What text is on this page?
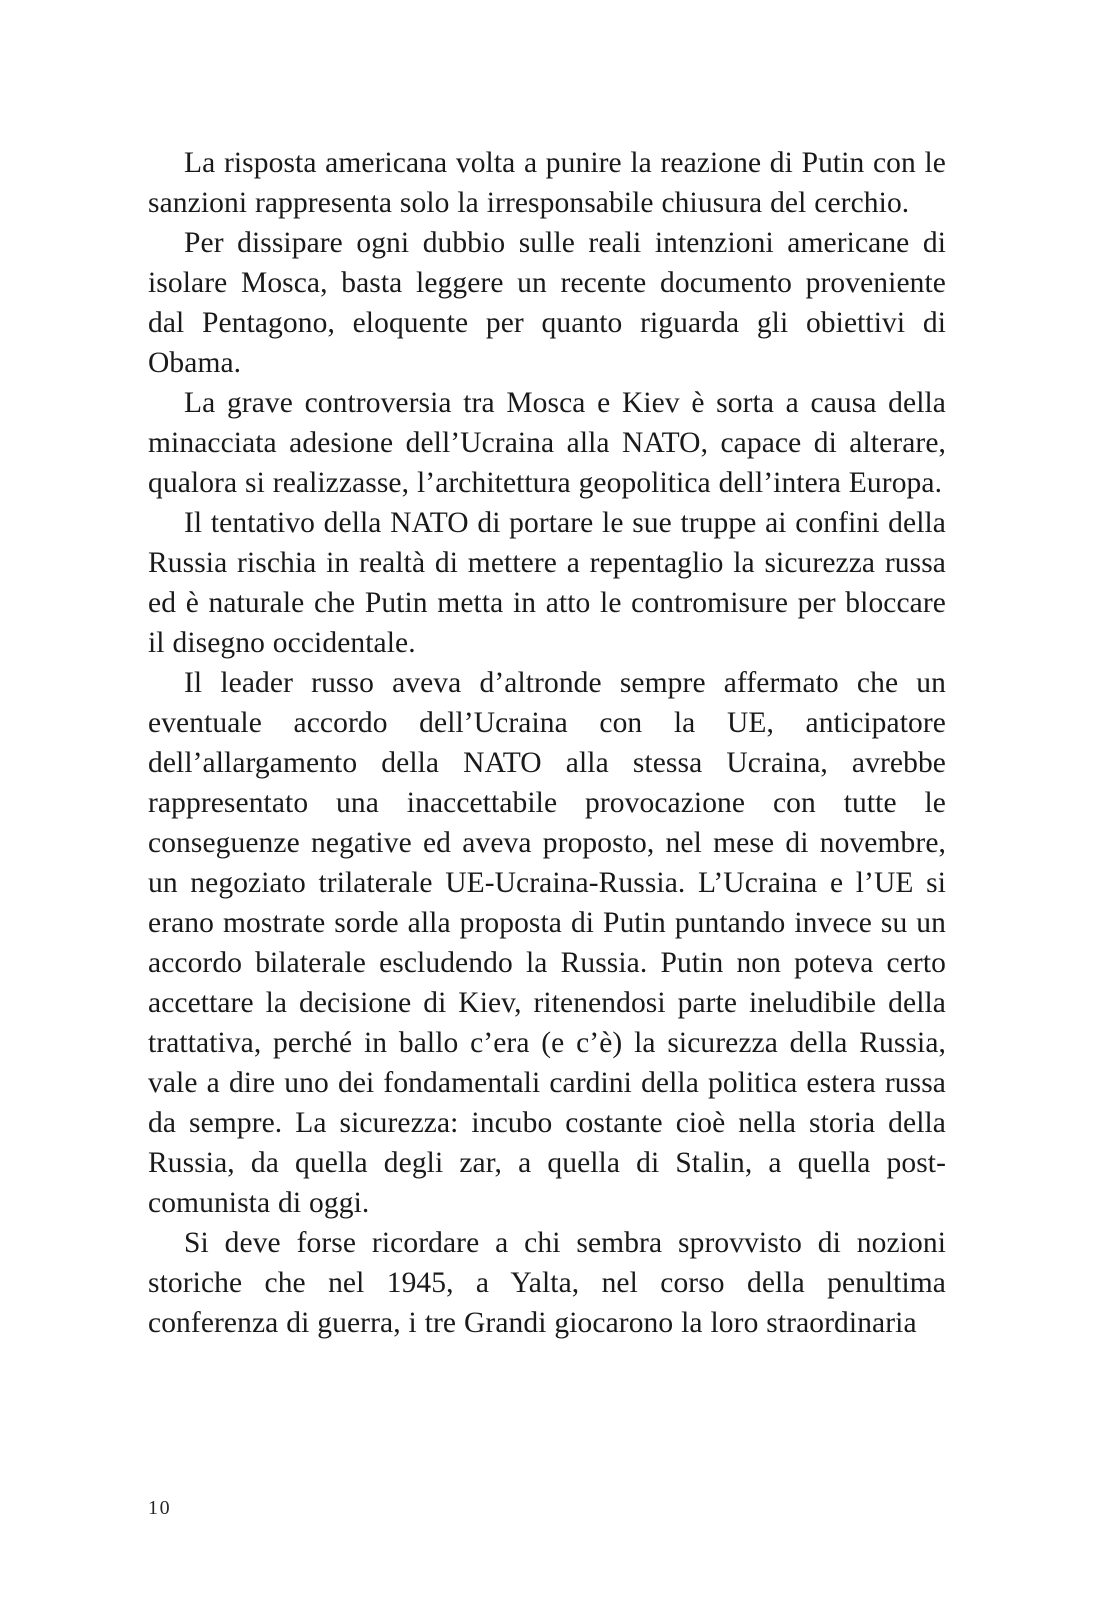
La risposta americana volta a punire la reazione di Putin con le sanzioni rappresenta solo la irresponsabile chiusura del cerchio.

Per dissipare ogni dubbio sulle reali intenzioni americane di isolare Mosca, basta leggere un recente documento proveniente dal Pentagono, eloquente per quanto riguarda gli obiettivi di Obama.

La grave controversia tra Mosca e Kiev è sorta a causa della minacciata adesione dell’Ucraina alla NATO, capace di alterare, qualora si realizzasse, l’architettura geopolitica dell’intera Europa.

Il tentativo della NATO di portare le sue truppe ai confini della Russia rischia in realtà di mettere a repentaglio la sicurezza russa ed è naturale che Putin metta in atto le contromisure per bloccare il disegno occidentale.

Il leader russo aveva d’altronde sempre affermato che un eventuale accordo dell’Ucraina con la UE, anticipatore dell’allargamento della NATO alla stessa Ucraina, avrebbe rappresentato una inaccettabile provocazione con tutte le conseguenze negative ed aveva proposto, nel mese di novembre, un negoziato trilaterale UE-Ucraina-Russia. L’Ucraina e l’UE si erano mostrate sorde alla proposta di Putin puntando invece su un accordo bilaterale escludendo la Russia. Putin non poteva certo accettare la decisione di Kiev, ritenendosi parte ineludibile della trattativa, perché in ballo c’era (e c’è) la sicurezza della Russia, vale a dire uno dei fondamentali cardini della politica estera russa da sempre. La sicurezza: incubo costante cioè nella storia della Russia, da quella degli zar, a quella di Stalin, a quella post-comunista di oggi.

Si deve forse ricordare a chi sembra sprovvisto di nozioni storiche che nel 1945, a Yalta, nel corso della penultima conferenza di guerra, i tre Grandi giocarono la loro straordinaria

10
